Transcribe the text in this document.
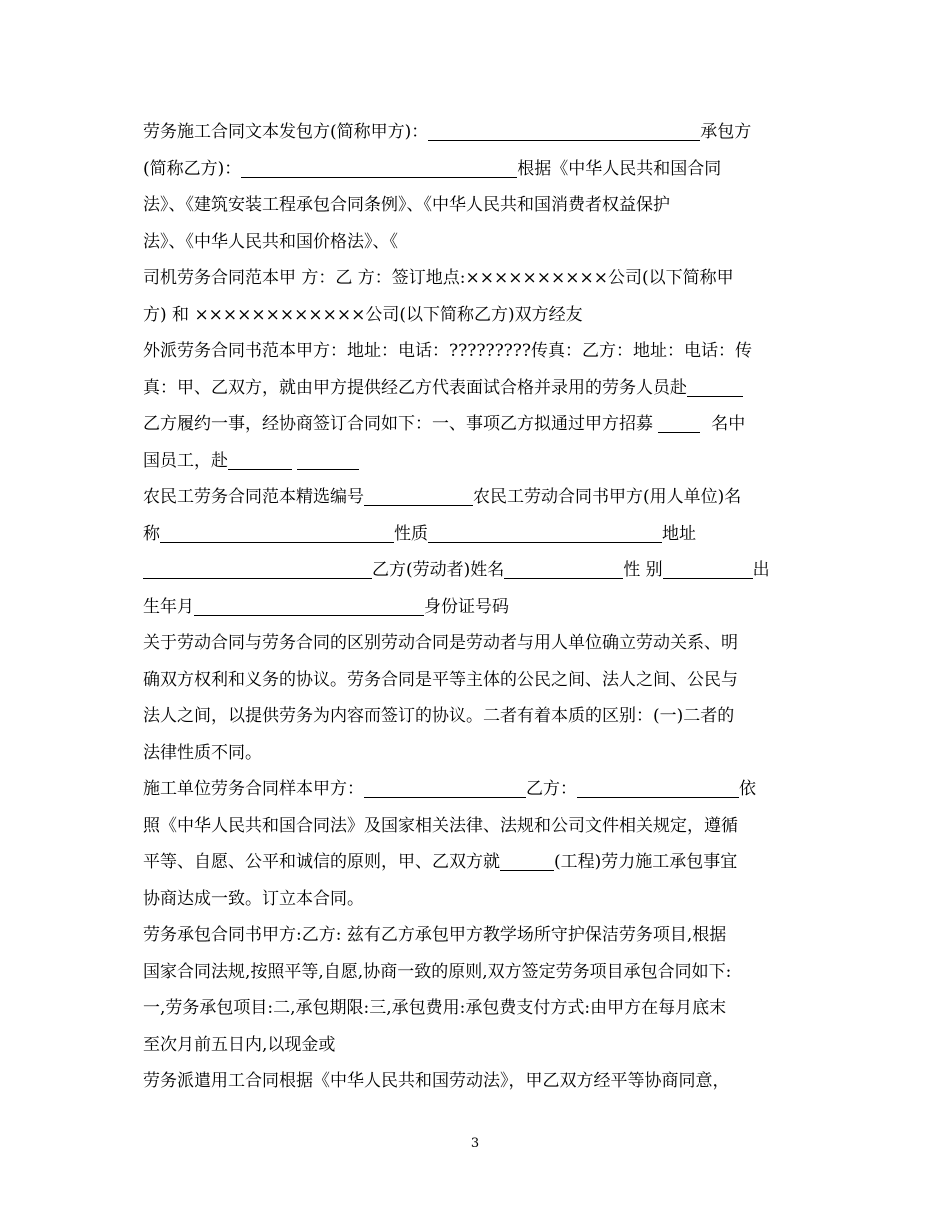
劳务施工合同文本发包方(简称甲方)：	承包方
(简称乙方)：	根据《中华人民共和国合同
法》、《建筑安装工程承包合同条例》、《中华人民共和国消费者权益保护
法》、《中华人民共和国价格法》、《
司机劳务合同范本甲 方：乙 方：签订地点:××××××××××公司(以下简称甲
方) 和 ××××××××××××公司(以下简称乙方)双方经友
外派劳务合同书范本甲方：地址：电话：?????????传真：乙方：地址：电话：传
真：甲、乙双方，就由甲方提供经乙方代表面试合格并录用的劳务人员赴
乙方履约一事，经协商签订合同如下：一、事项乙方拟通过甲方招募   名中
国员工，赴
农民工劳务合同范本精选编号	农民工劳动合同书甲方(用人单位)名
称	性质	地址
乙方(劳动者)姓名	性 别	出
生年月	身份证号码
关于劳动合同与劳务合同的区别劳动合同是劳动者与用人单位确立劳动关系、明
确双方权利和义务的协议。劳务合同是平等主体的公民之间、法人之间、公民与
法人之间，以提供劳务为内容而签订的协议。二者有着本质的区别：(一)二者的
法律性质不同。
施工单位劳务合同样本甲方：	乙方：	依
照《中华人民共和国合同法》及国家相关法律、法规和公司文件相关规定，遵循
平等、自愿、公平和诚信的原则，甲、乙双方就	(工程)劳力施工承包事宜
协商达成一致。订立本合同。
劳务承包合同书甲方:乙方: 兹有乙方承包甲方教学场所守护保洁劳务项目,根据
国家合同法规,按照平等,自愿,协商一致的原则,双方签定劳务项目承包合同如下:
一,劳务承包项目:二,承包期限:三,承包费用:承包费支付方式:由甲方在每月底末
至次月前五日内,以现金或
劳务派遣用工合同根据《中华人民共和国劳动法》，甲乙双方经平等协商同意，
3
